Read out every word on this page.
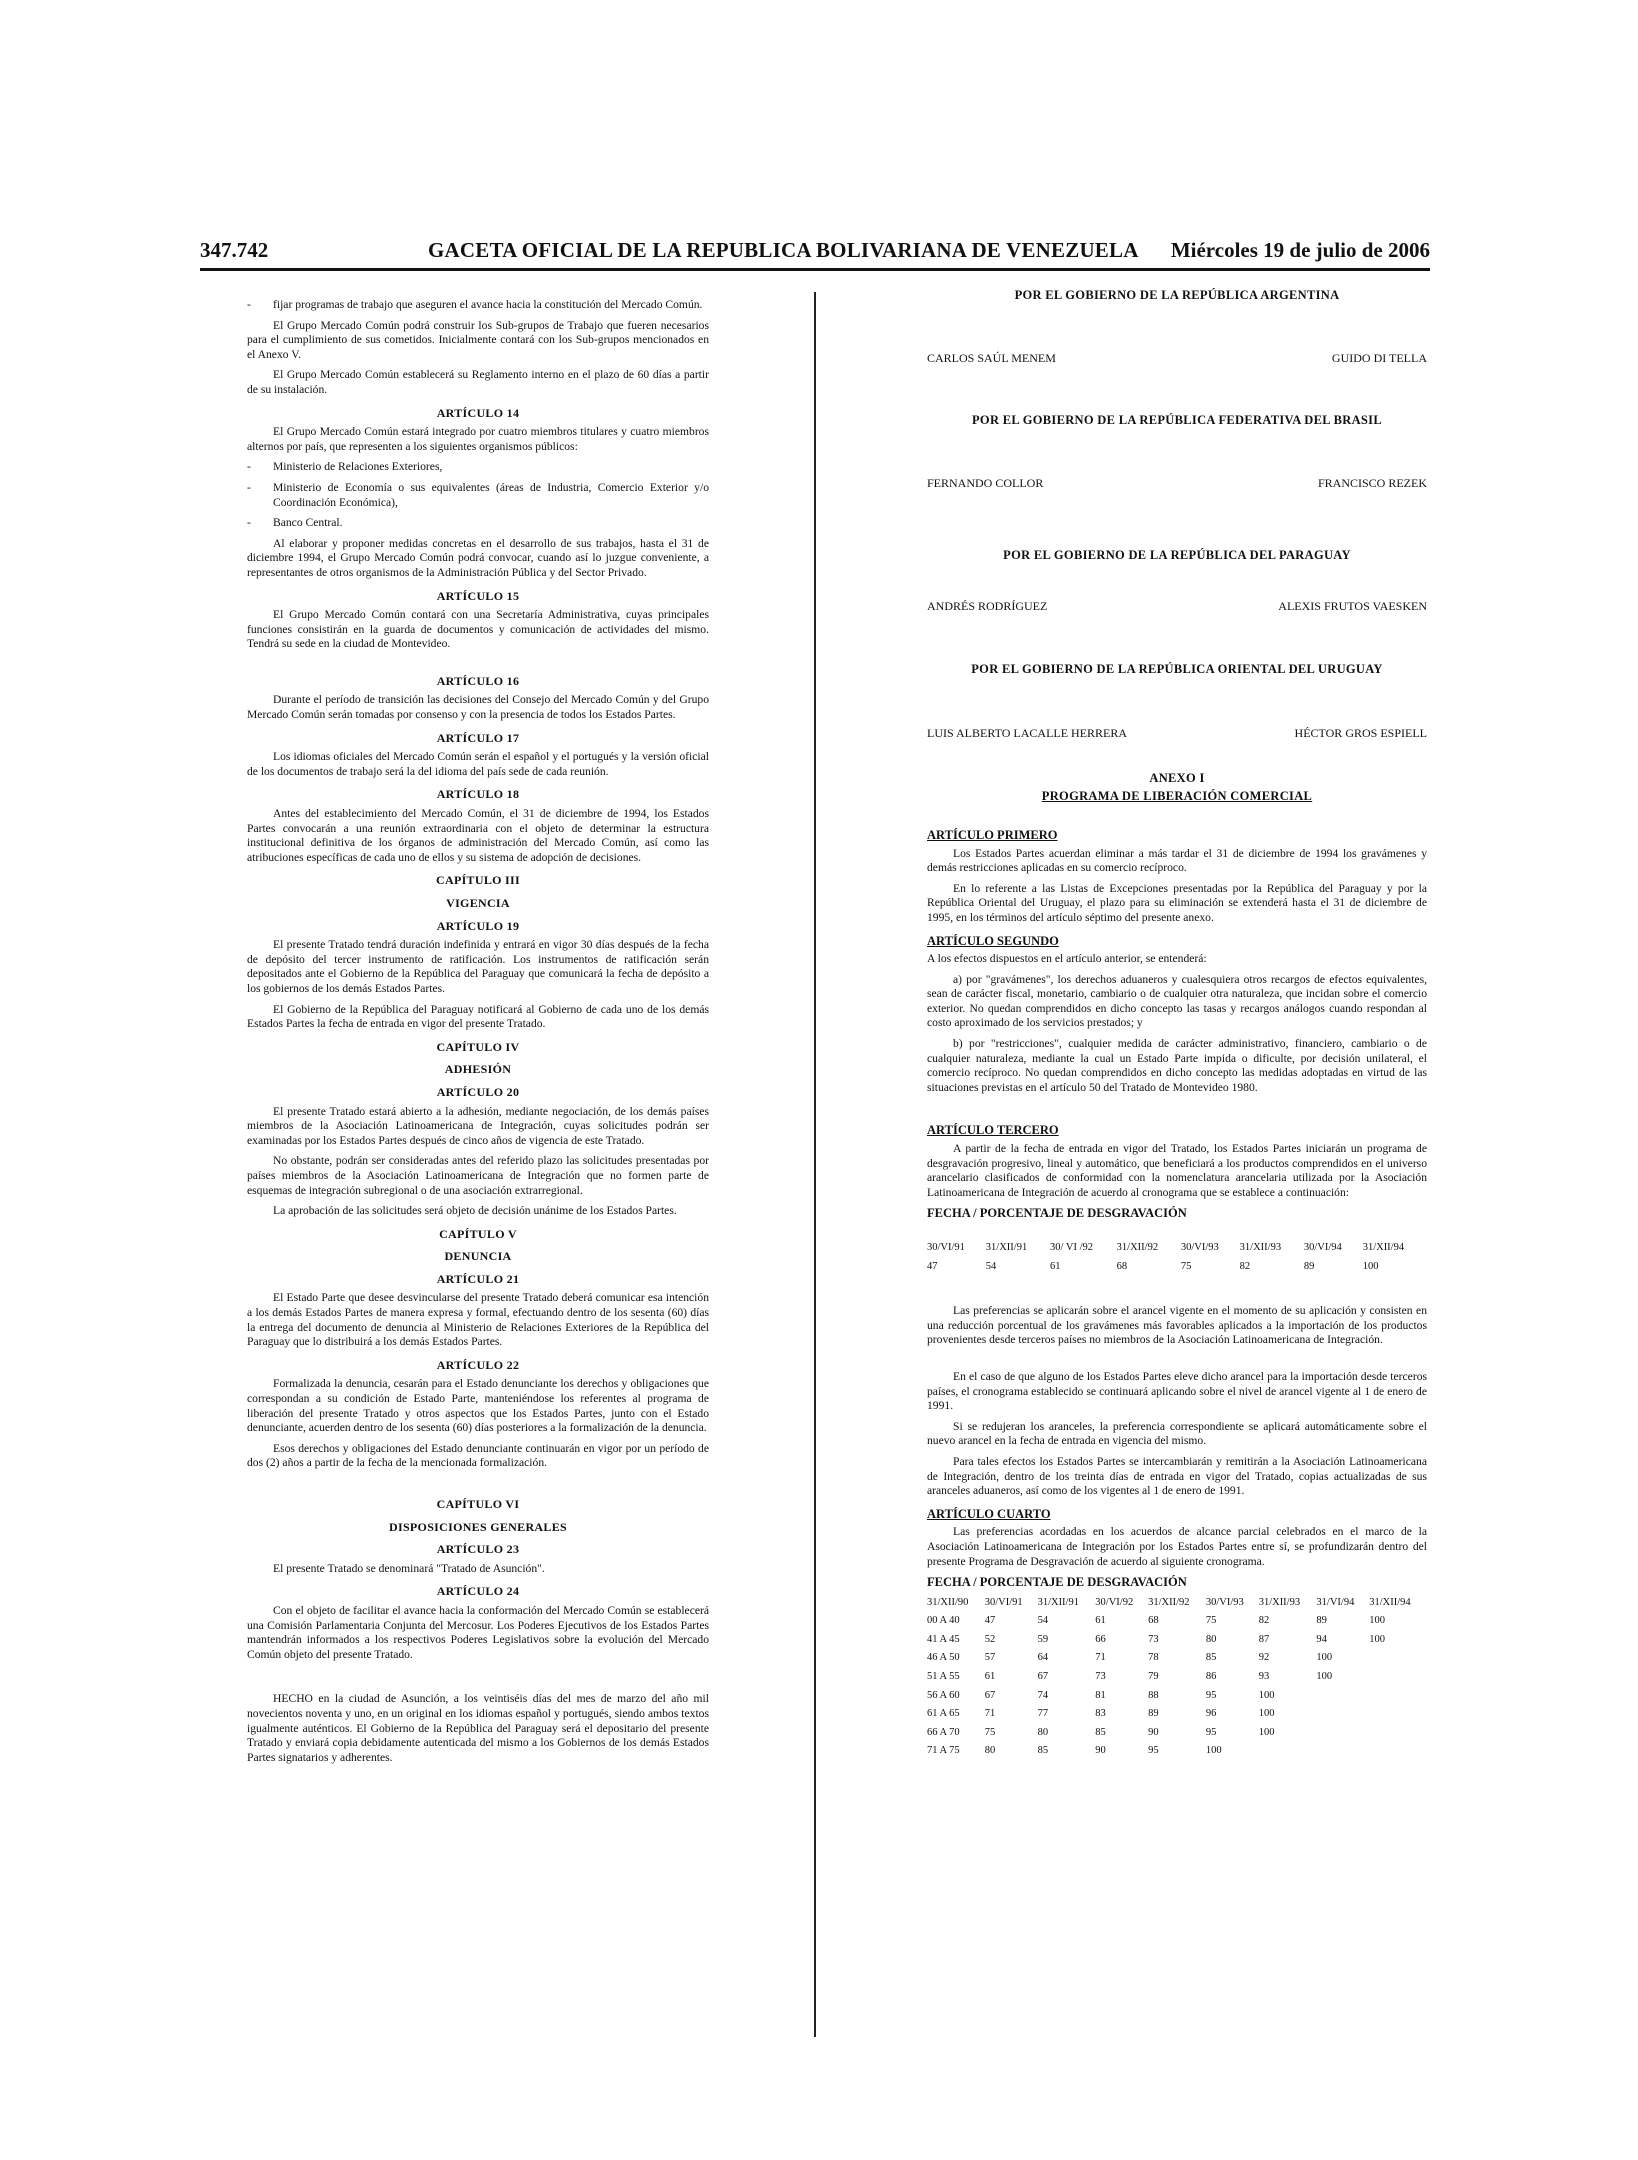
347.742	GACETA OFICIAL DE LA REPUBLICA BOLIVARIANA DE VENEZUELA Miércoles 19 de julio de 2006
-	fijar programas de trabajo que aseguren el avance hacia la constitución del Mercado Común.

El Grupo Mercado Común podrá construir los Sub-grupos de Trabajo que fueren necesarios para el cumplimiento de sus cometidos. Inicialmente contará con los Sub-grupos mencionados en el Anexo V.

El Grupo Mercado Común establecerá su Reglamento interno en el plazo de 60 días a partir de su instalación.

ARTÍCULO 14

El Grupo Mercado Común estará integrado por cuatro miembros titulares y cuatro miembros alternos por país, que representen a los siguientes organismos públicos:

-	Ministerio de Relaciones Exteriores,
-	Ministerio de Economía o sus equivalentes (áreas de Industria, Comercio Exterior y/o Coordinación Económica),
-	Banco Central.

Al elaborar y proponer medidas concretas en el desarrollo de sus trabajos, hasta el 31 de diciembre 1994, el Grupo Mercado Común podrá convocar, cuando así lo juzgue conveniente, a representantes de otros organismos de la Administración Pública y del Sector Privado.

ARTÍCULO 15

El Grupo Mercado Común contará con una Secretaría Administrativa, cuyas principales funciones consistirán en la guarda de documentos y comunicación de actividades del mismo. Tendrá su sede en la ciudad de Montevideo.

ARTÍCULO 16

Durante el período de transición las decisiones del Consejo del Mercado Común y del Grupo Mercado Común serán tomadas por consenso y con la presencia de todos los Estados Partes.

ARTÍCULO 17

Los idiomas oficiales del Mercado Común serán el español y el portugués y la versión oficial de los documentos de trabajo será la del idioma del país sede de cada reunión.

ARTÍCULO 18

Antes del establecimiento del Mercado Común, el 31 de diciembre de 1994, los Estados Partes convocarán a una reunión extraordinaria con el objeto de determinar la estructura institucional definitiva de los órganos de administración del Mercado Común, así como las atribuciones específicas de cada uno de ellos y su sistema de adopción de decisiones.

CAPÍTULO III
VIGENCIA
ARTÍCULO 19

El presente Tratado tendrá duración indefinida y entrará en vigor 30 días después de la fecha de depósito del tercer instrumento de ratificación. Los instrumentos de ratificación serán depositados ante el Gobierno de la República del Paraguay que comunicará la fecha de depósito a los gobiernos de los demás Estados Partes.

El Gobierno de la República del Paraguay notificará al Gobierno de cada uno de los demás Estados Partes la fecha de entrada en vigor del presente Tratado.

CAPÍTULO IV
ADHESIÓN
ARTÍCULO 20

El presente Tratado estará abierto a la adhesión, mediante negociación, de los demás países miembros de la Asociación Latinoamericana de Integración, cuyas solicitudes podrán ser examinadas por los Estados Partes después de cinco años de vigencia de este Tratado.

No obstante, podrán ser consideradas antes del referido plazo las solicitudes presentadas por países miembros de la Asociación Latinoamericana de Integración que no formen parte de esquemas de integración subregional o de una asociación extrarregional.

La aprobación de las solicitudes será objeto de decisión unánime de los Estados Partes.

CAPÍTULO V
DENUNCIA
ARTÍCULO 21

El Estado Parte que desee desvincularse del presente Tratado deberá comunicar esa intención a los demás Estados Partes de manera expresa y formal, efectuando dentro de los sesenta (60) días la entrega del documento de denuncia al Ministerio de Relaciones Exteriores de la República del Paraguay que lo distribuirá a los demás Estados Partes.

ARTÍCULO 22

Formalizada la denuncia, cesarán para el Estado denunciante los derechos y obligaciones que correspondan a su condición de Estado Parte, manteniéndose los referentes al programa de liberación del presente Tratado y otros aspectos que los Estados Partes, junto con el Estado denunciante, acuerden dentro de los sesenta (60) días posteriores a la formalización de la denuncia.

Esos derechos y obligaciones del Estado denunciante continuarán en vigor por un período de dos (2) años a partir de la fecha de la mencionada formalización.

CAPÍTULO VI
DISPOSICIONES GENERALES
ARTÍCULO 23

El presente Tratado se denominará "Tratado de Asunción".

ARTÍCULO 24

Con el objeto de facilitar el avance hacia la conformación del Mercado Común se establecerá una Comisión Parlamentaria Conjunta del Mercosur. Los Poderes Ejecutivos de los Estados Partes mantendrán informados a los respectivos Poderes Legislativos sobre la evolución del Mercado Común objeto del presente Tratado.

HECHO en la ciudad de Asunción, a los veintiséis días del mes de marzo del año mil novecientos noventa y uno, en un original en los idiomas español y portugués, siendo ambos textos igualmente auténticos. El Gobierno de la República del Paraguay será el depositario del presente Tratado y enviará copia debidamente autenticada del mismo a los Gobiernos de los demás Estados Partes signatarios y adherentes.

POR EL GOBIERNO DE LA REPÚBLICA ARGENTINA
CARLOS SAÚL MENEM	GUIDO DI TELLA
POR EL GOBIERNO DE LA REPÚBLICA FEDERATIVA DEL BRASIL
FERNANDO COLLOR	FRANCISCO REZEK
POR EL GOBIERNO DE LA REPÚBLICA DEL PARAGUAY
ANDRÉS RODRÍGUEZ	ALEXIS FRUTOS VAESKEN
POR EL GOBIERNO DE LA REPÚBLICA ORIENTAL DEL URUGUAY
LUIS ALBERTO LACALLE HERRERA	HÉCTOR GROS ESPIELL
ANEXO I
PROGRAMA DE LIBERACIÓN COMERCIAL
ARTÍCULO PRIMERO

Los Estados Partes acuerdan eliminar a más tardar el 31 de diciembre de 1994 los gravámenes y demás restricciones aplicadas en su comercio recíproco.

En lo referente a las Listas de Excepciones presentadas por la República del Paraguay y por la República Oriental del Uruguay, el plazo para su eliminación se extenderá hasta el 31 de diciembre de 1995, en los términos del artículo séptimo del presente anexo.

ARTÍCULO SEGUNDO

A los efectos dispuestos en el artículo anterior, se entenderá:

a) por "gravámenes", los derechos aduaneros y cualesquiera otros recargos de efectos equivalentes, sean de carácter fiscal, monetario, cambiario o de cualquier otra naturaleza, que incidan sobre el comercio exterior. No quedan comprendidos en dicho concepto las tasas y recargos análogos cuando respondan al costo aproximado de los servicios prestados; y

b) por "restricciones", cualquier medida de carácter administrativo, financiero, cambiario o de cualquier naturaleza, mediante la cual un Estado Parte impida o dificulte, por decisión unilateral, el comercio recíproco. No quedan comprendidos en dicho concepto las medidas adoptadas en virtud de las situaciones previstas en el artículo 50 del Tratado de Montevideo 1980.

ARTÍCULO TERCERO

A partir de la fecha de entrada en vigor del Tratado, los Estados Partes iniciarán un programa de desgravación progresivo, lineal y automático, que beneficiará a los productos comprendidos en el universo arancelario clasificados de conformidad con la nomenclatura arancelaria utilizada por la Asociación Latinoamericana de Integración de acuerdo al cronograma que se establece a continuación:

FECHA / PORCENTAJE DE DESGRAVACIÓN
30/VI/91	31/XII/91	30/ VI /92	31/XII/92	30/VI/93	31/XII/93	30/VI/94	31/XII/94
47	54	61	68	75	82	89	100

Las preferencias se aplicarán sobre el arancel vigente en el momento de su aplicación y consisten en una reducción porcentual de los gravámenes más favorables aplicados a la importación de los productos provenientes desde terceros países no miembros de la Asociación Latinoamericana de Integración.

En el caso de que alguno de los Estados Partes eleve dicho arancel para la importación desde terceros países, el cronograma establecido se continuará aplicando sobre el nivel de arancel vigente al 1 de enero de 1991.

Si se redujeran los aranceles, la preferencia correspondiente se aplicará automáticamente sobre el nuevo arancel en la fecha de entrada en vigencia del mismo.

Para tales efectos los Estados Partes se intercambiarán y remitirán a la Asociación Latinoamericana de Integración, dentro de los treinta días de entrada en vigor del Tratado, copias actualizadas de sus aranceles aduaneros, así como de los vigentes al 1 de enero de 1991.

ARTÍCULO CUARTO

Las preferencias acordadas en los acuerdos de alcance parcial celebrados en el marco de la Asociación Latinoamericana de Integración por los Estados Partes entre sí, se profundizarán dentro del presente Programa de Desgravación de acuerdo al siguiente cronograma.

FECHA / PORCENTAJE DE DESGRAVACIÓN
31/XII/90	30/VI/91	31/XII/91	30/VI/92	31/XII/92	30/VI/93	31/XII/93	31/VI/94	31/XII/94
00 A 40	47	54	61	68	75	82	89	100
41 A 45	52	59	66	73	80	87	94	100
46 A 50	57	64	71	78	85	92	100	
51 A 55	61	67	73	79	86	93	100	
56 A 60	67	74	81	88	95	100		
61 A 65	71	77	83	89	96	100		
66 A 70	75	80	85	90	95	100		
71 A 75	80	85	90	95	100			
